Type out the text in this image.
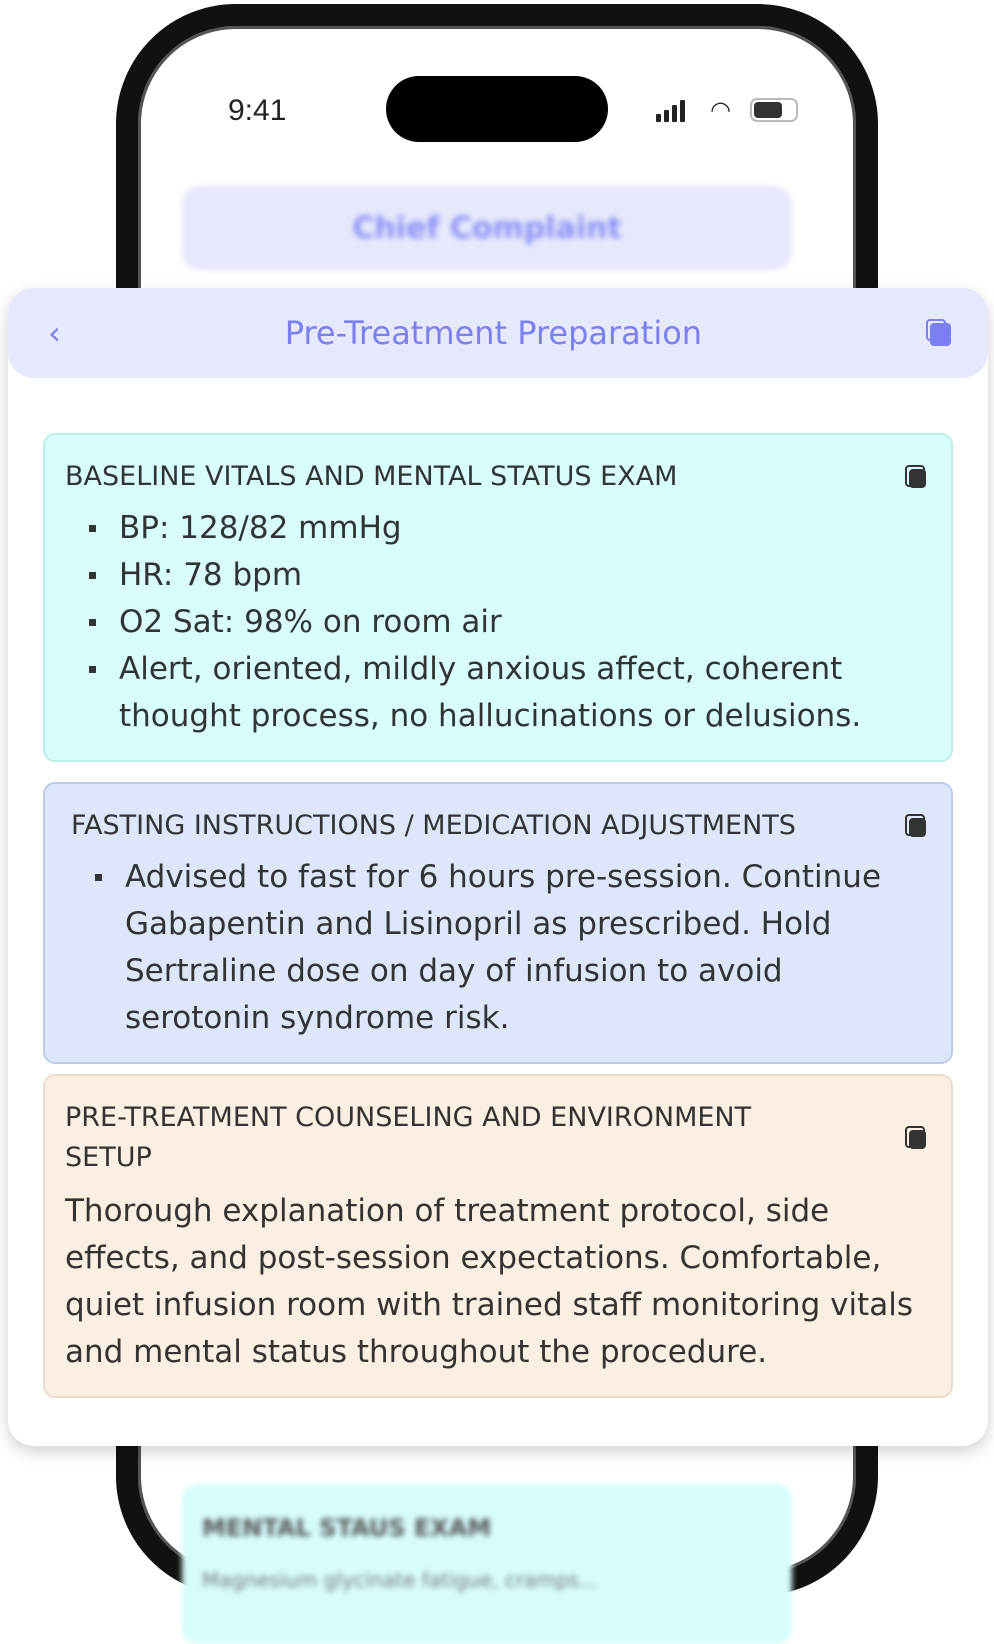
9:41	◠
Chief Complaint
MENTAL STAUS EXAM
Magnesium glycinate fatigue, cramps...
‹	Pre-Treatment Preparation
BASELINE VITALS AND MENTAL STATUS EXAM
BP: 128/82 mmHg
HR: 78 bpm
O2 Sat: 98% on room air
Alert, oriented, mildly anxious affect, coherent thought process, no hallucinations or delusions.
FASTING INSTRUCTIONS / MEDICATION ADJUSTMENTS
Advised to fast for 6 hours pre-session. Continue Gabapentin and Lisinopril as prescribed. Hold Sertraline dose on day of infusion to avoid serotonin syndrome risk.
PRE-TREATMENT COUNSELING AND ENVIRONMENT SETUP

Thorough explanation of treatment protocol, side effects, and post-session expectations. Comfortable, quiet infusion room with trained staff monitoring vitals and mental status throughout the procedure.
